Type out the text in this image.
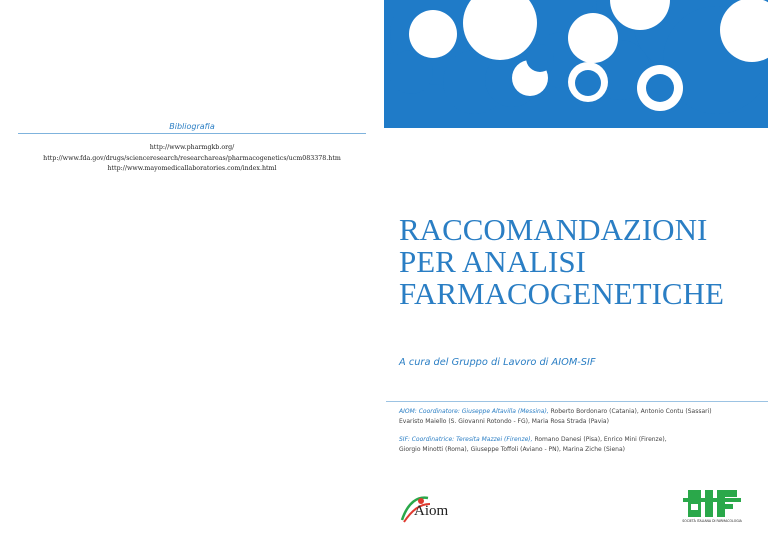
Bibliografia
http://www.pharmgkb.org/
http://www.fda.gov/drugs/scienceresearch/researchareas/pharmacogenetics/ucm083378.htm
http://www.mayomedicallaboratories.com/index.html
RACCOMANDAZIONI
PER ANALISI
FARMACOGENETICHE
A cura del Gruppo di Lavoro di AIOM-SIF
AIOM: Coordinatore: Giuseppe Altavilla (Messina), Roberto Bordonaro (Catania), Antonio Contu (Sassari)
Evaristo Maiello (S. Giovanni Rotondo - FG), Maria Rosa Strada (Pavia)
SIF: Coordinatrice: Teresita Mazzei (Firenze), Romano Danesi (Pisa), Enrico Mini (Firenze),
Giorgio Minotti (Roma), Giuseppe Toffoli (Aviano - PN), Marina Ziche (Siena)
Aiom
SOCIETÀ ITALIANA DI FARMACOLOGIA
